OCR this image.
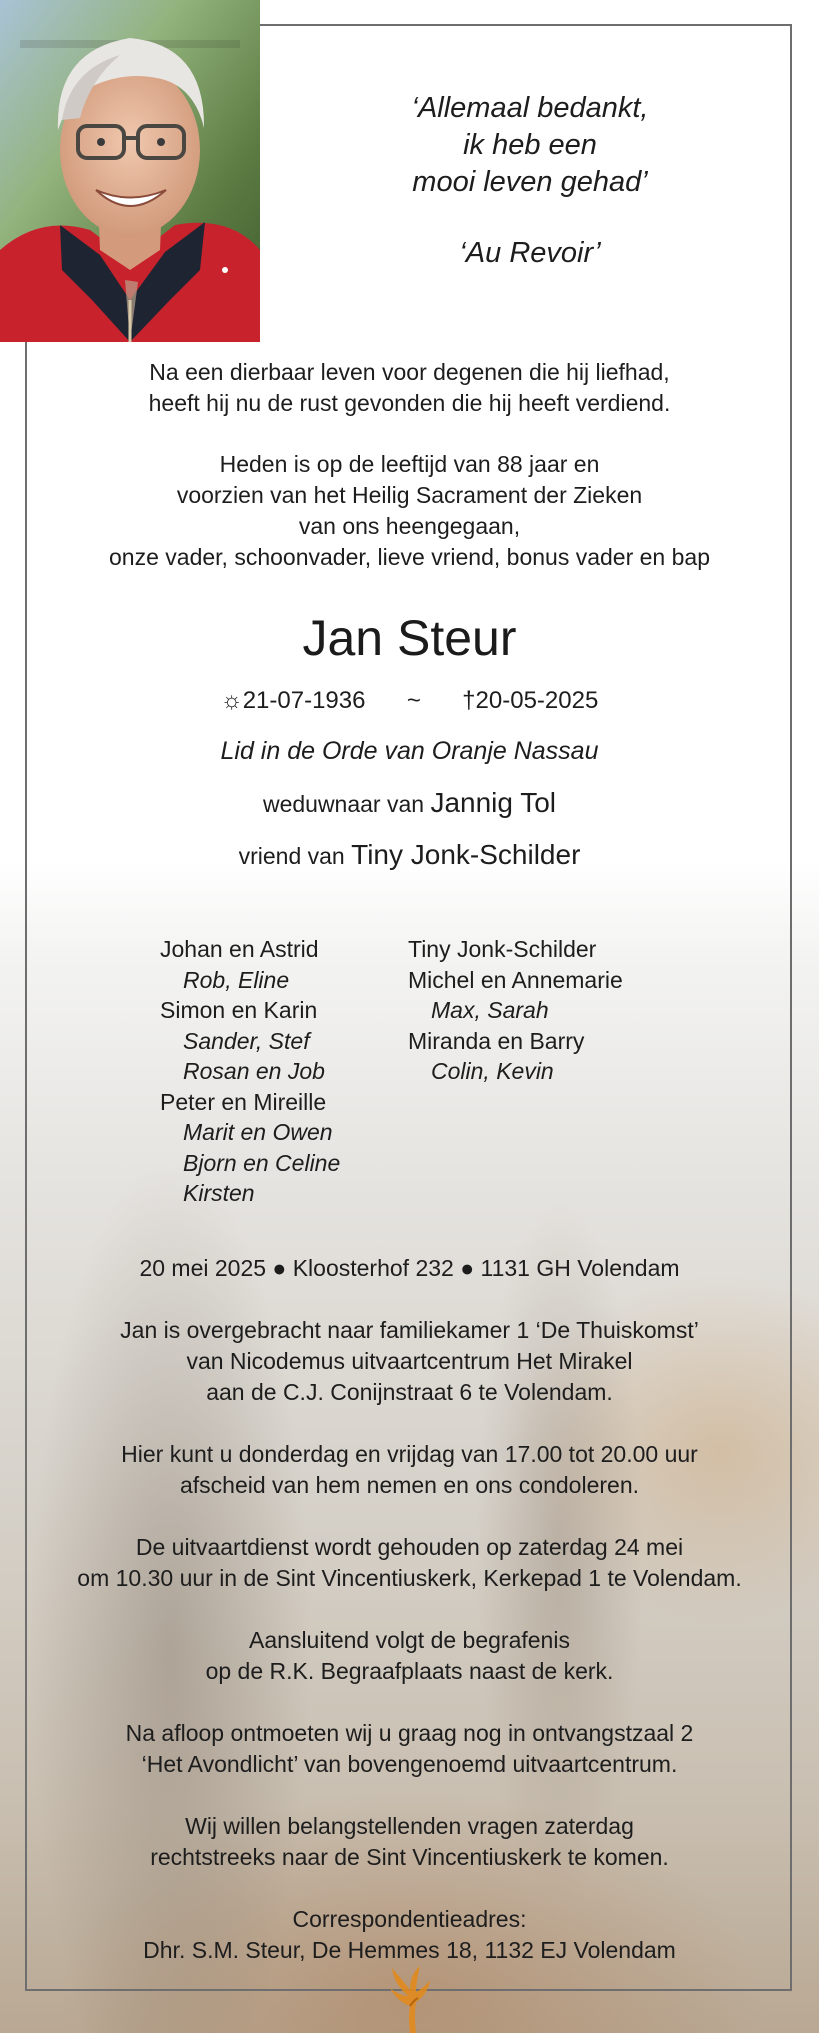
‘Allemaal bedankt,
ik heb een
mooi leven gehad’
‘Au Revoir’
Na een dierbaar leven voor degenen die hij liefhad,
heeft hij nu de rust gevonden die hij heeft verdiend.
Heden is op de leeftijd van 88 jaar en
voorzien van het Heilig Sacrament der Zieken
van ons heengegaan,
onze vader, schoonvader, lieve vriend, bonus vader en bap
Jan Steur
☼21-07-1936 ~ †20-05-2025
Lid in de Orde van Oranje Nassau
weduwnaar van Jannig Tol
vriend van Tiny Jonk-Schilder
Johan en Astrid
Rob, Eline
Simon en Karin
Sander, Stef
Rosan en Job
Peter en Mireille
Marit en Owen
Bjorn en Celine
Kirsten
Tiny Jonk-Schilder
Michel en Annemarie
Max, Sarah
Miranda en Barry
Colin, Kevin
20 mei 2025 ● Kloosterhof 232 ● 1131 GH Volendam
Jan is overgebracht naar familiekamer 1 ‘De Thuiskomst’
van Nicodemus uitvaartcentrum Het Mirakel
aan de C.J. Conijnstraat 6 te Volendam.
Hier kunt u donderdag en vrijdag van 17.00 tot 20.00 uur
afscheid van hem nemen en ons condoleren.
De uitvaartdienst wordt gehouden op zaterdag 24 mei
om 10.30 uur in de Sint Vincentiuskerk, Kerkepad 1 te Volendam.
Aansluitend volgt de begrafenis
op de R.K. Begraafplaats naast de kerk.
Na afloop ontmoeten wij u graag nog in ontvangstzaal 2
‘Het Avondlicht’ van bovengenoemd uitvaartcentrum.
Wij willen belangstellenden vragen zaterdag
rechtstreeks naar de Sint Vincentiuskerk te komen.
Correspondentieadres:
Dhr. S.M. Steur, De Hemmes 18, 1132 EJ Volendam
